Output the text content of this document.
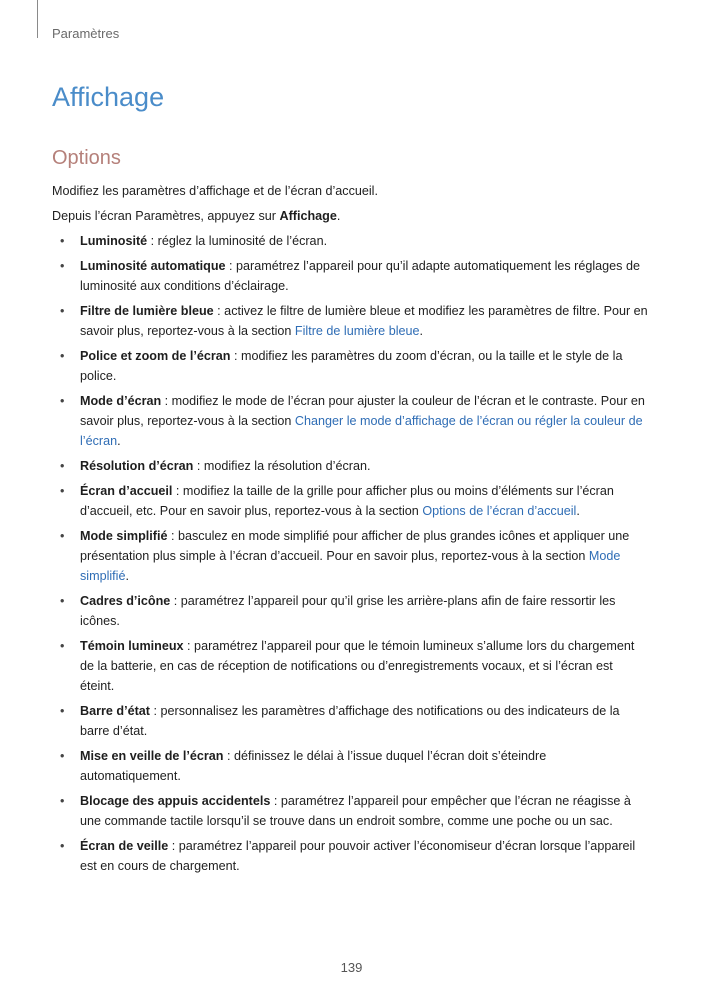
Paramètres
Affichage
Options

Modifiez les paramètres d’affichage et de l’écran d’accueil.

Depuis l’écran Paramètres, appuyez sur Affichage.

• Luminosité : réglez la luminosité de l’écran.
• Luminosité automatique : paramétrez l’appareil pour qu’il adapte automatiquement les réglages de luminosité aux conditions d’éclairage.
• Filtre de lumière bleue : activez le filtre de lumière bleue et modifiez les paramètres de filtre. Pour en savoir plus, reportez-vous à la section Filtre de lumière bleue.
• Police et zoom de l’écran : modifiez les paramètres du zoom d’écran, ou la taille et le style de la police.
• Mode d’écran : modifiez le mode de l’écran pour ajuster la couleur de l’écran et le contraste. Pour en savoir plus, reportez-vous à la section Changer le mode d’affichage de l’écran ou régler la couleur de l’écran.
• Résolution d’écran : modifiez la résolution d’écran.
• Écran d’accueil : modifiez la taille de la grille pour afficher plus ou moins d’éléments sur l’écran d’accueil, etc. Pour en savoir plus, reportez-vous à la section Options de l’écran d’accueil.
• Mode simplifié : basculez en mode simplifié pour afficher de plus grandes icônes et appliquer une présentation plus simple à l’écran d’accueil. Pour en savoir plus, reportez-vous à la section Mode simplifié.
• Cadres d’icône : paramétrez l’appareil pour qu’il grise les arrière-plans afin de faire ressortir les icônes.
• Témoin lumineux : paramétrez l’appareil pour que le témoin lumineux s’allume lors du chargement de la batterie, en cas de réception de notifications ou d’enregistrements vocaux, et si l’écran est éteint.
• Barre d’état : personnalisez les paramètres d’affichage des notifications ou des indicateurs de la barre d’état.
• Mise en veille de l’écran : définissez le délai à l’issue duquel l’écran doit s’éteindre automatiquement.
• Blocage des appuis accidentels : paramétrez l’appareil pour empêcher que l’écran ne réagisse à une commande tactile lorsqu’il se trouve dans un endroit sombre, comme une poche ou un sac.
• Écran de veille : paramétrez l’appareil pour pouvoir activer l’économiseur d’écran lorsque l’appareil est en cours de chargement.
139
